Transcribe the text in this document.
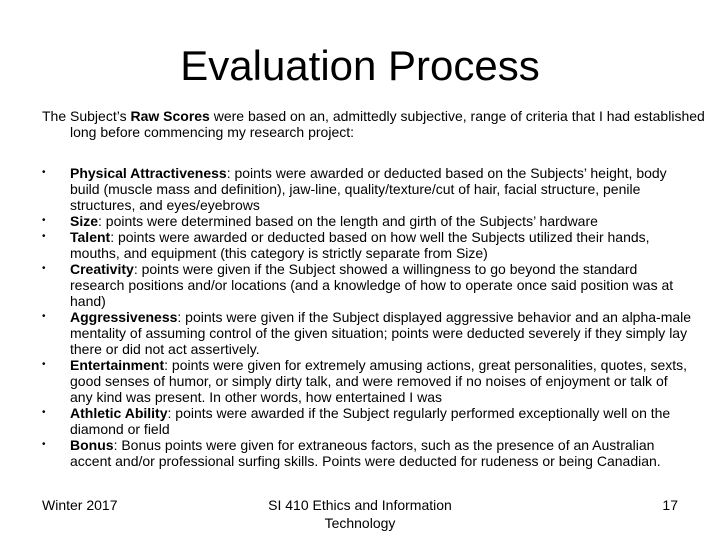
Evaluation Process
The Subject’s Raw Scores were based on an, admittedly subjective, range of criteria that I had established long before commencing my research project:
•	Physical Attractiveness: points were awarded or deducted based on the Subjects’ height, body build (muscle mass and definition), jaw-line, quality/texture/cut of hair, facial structure, penile structures, and eyes/eyebrows
•	Size: points were determined based on the length and girth of the Subjects’ hardware
•	Talent: points were awarded or deducted based on how well the Subjects utilized their hands, mouths, and equipment (this category is strictly separate from Size)
•	Creativity: points were given if the Subject showed a willingness to go beyond the standard research positions and/or locations (and a knowledge of how to operate once said position was at hand)
•	Aggressiveness: points were given if the Subject displayed aggressive behavior and an alpha-male mentality of assuming control of the given situation; points were deducted severely if they simply lay there or did not act assertively.
•	Entertainment: points were given for extremely amusing actions, great personalities, quotes, sexts, good senses of humor, or simply dirty talk, and were removed if no noises of enjoyment or talk of any kind was present. In other words, how entertained I was
•	Athletic Ability: points were awarded if the Subject regularly performed exceptionally well on the diamond or field
•	Bonus: Bonus points were given for extraneous factors, such as the presence of an Australian accent and/or professional surfing skills. Points were deducted for rudeness or being Canadian.
Winter 2017	SI 410 Ethics and Information Technology
17
